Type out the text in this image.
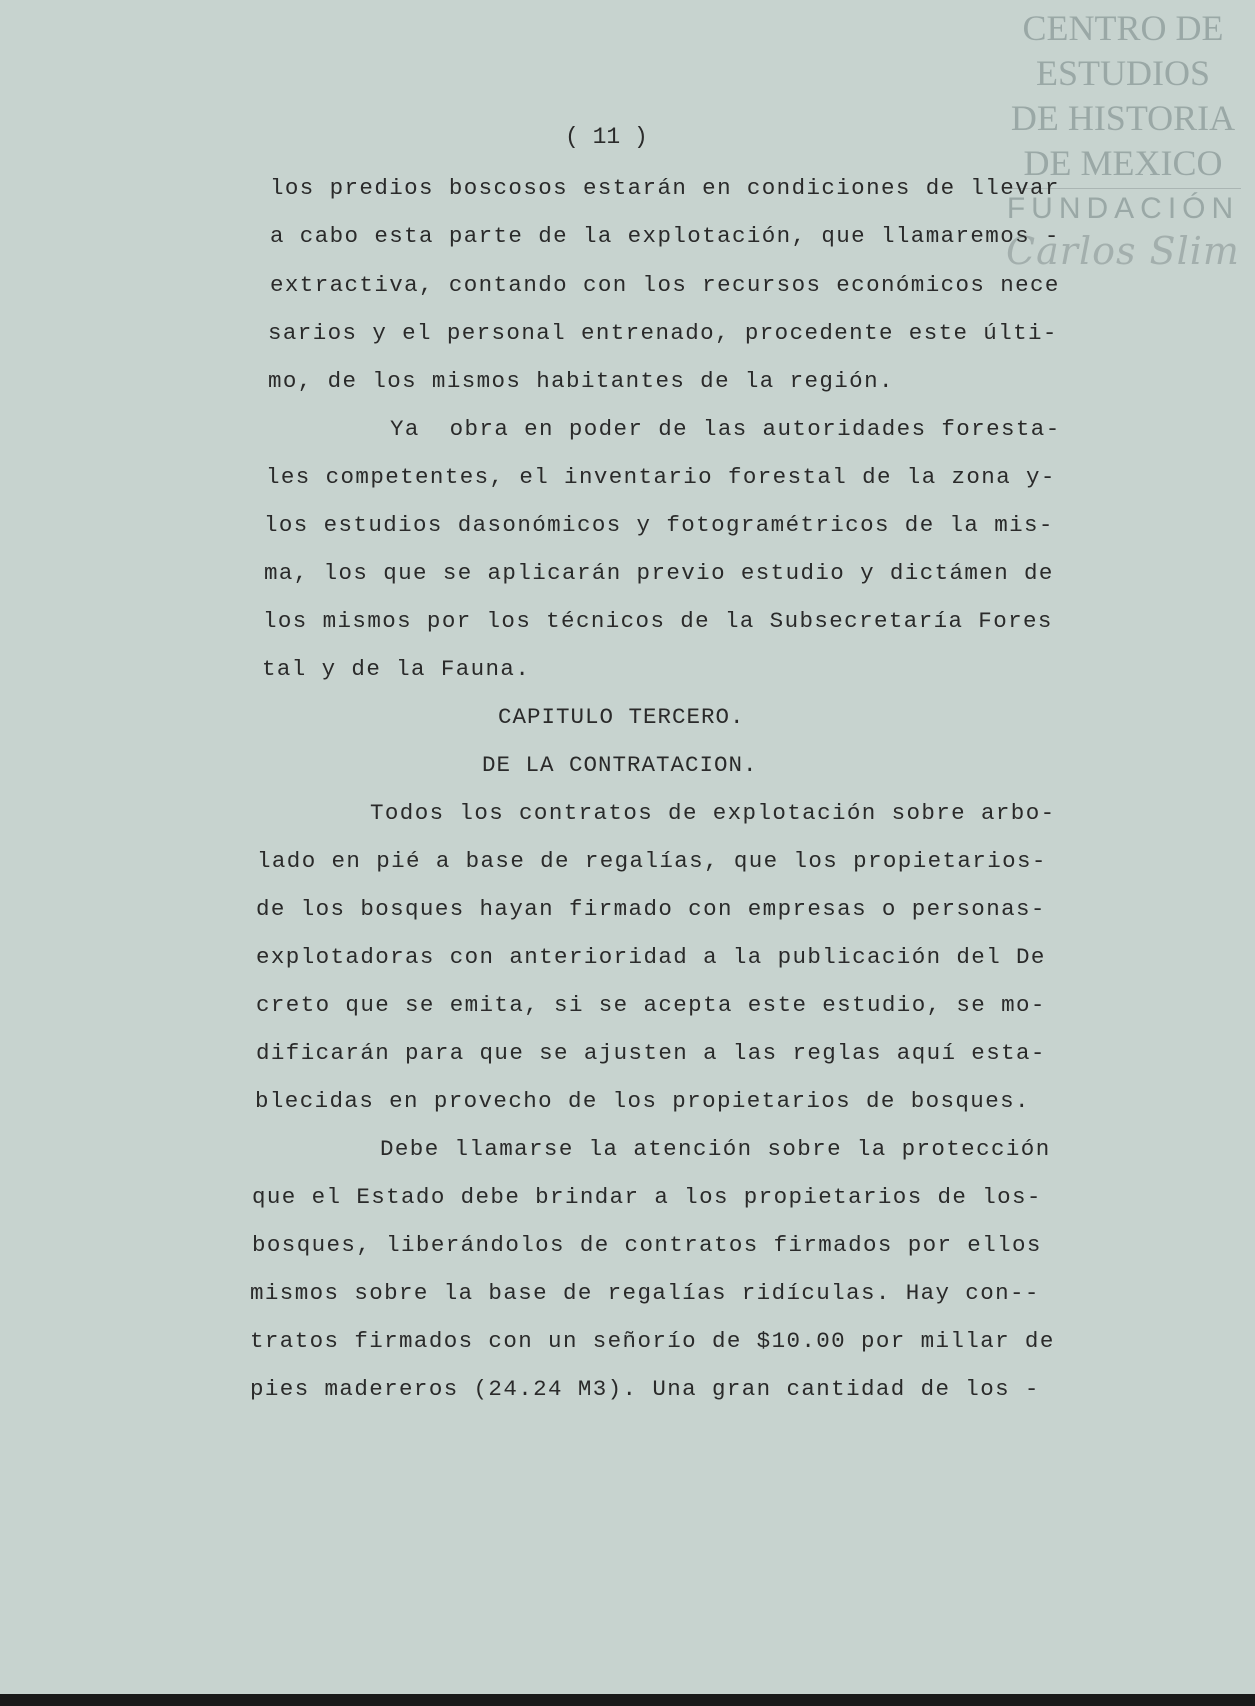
CENTRO DE
ESTUDIOS
DE HISTORIA
DE MEXICO
FUNDACIÓN
Carlos Slim
( 11 )
los predios boscosos estarán en condiciones de llevar
a cabo esta parte de la explotación, que llamaremos -
extractiva, contando con los recursos económicos nece
sarios y el personal entrenado, procedente este últi-
mo, de los mismos habitantes de la región.
Ya  obra en poder de las autoridades foresta-
les competentes, el inventario forestal de la zona y-
los estudios dasonómicos y fotogramétricos de la mis-
ma, los que se aplicarán previo estudio y dictámen de
los mismos por los técnicos de la Subsecretaría Fores
tal y de la Fauna.
CAPITULO TERCERO.
DE LA CONTRATACION.
Todos los contratos de explotación sobre arbo-
lado en pié a base de regalías, que los propietarios-
de los bosques hayan firmado con empresas o personas-
explotadoras con anterioridad a la publicación del De
creto que se emita, si se acepta este estudio, se mo-
dificarán para que se ajusten a las reglas aquí esta-
blecidas en provecho de los propietarios de bosques.
Debe llamarse la atención sobre la protección
que el Estado debe brindar a los propietarios de los-
bosques, liberándolos de contratos firmados por ellos
mismos sobre la base de regalías ridículas. Hay con--
tratos firmados con un señorío de $10.00 por millar de
pies madereros (24.24 M3). Una gran cantidad de los -
